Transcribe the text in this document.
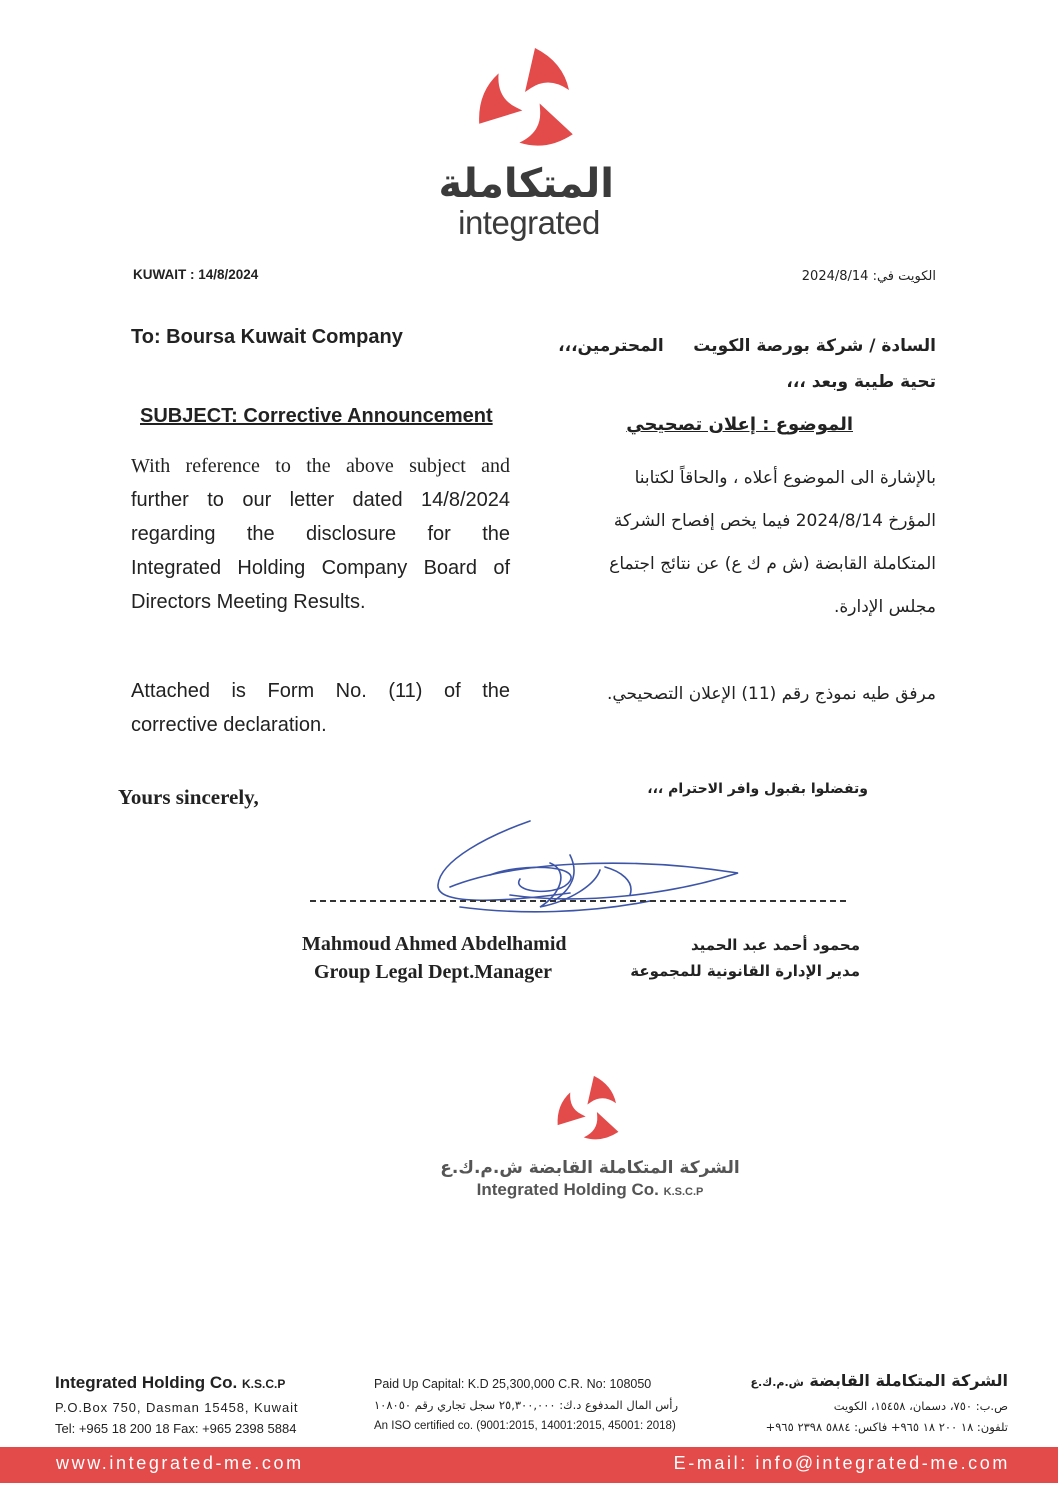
المتكاملة
integrated
KUWAIT : 14/8/2024	الكويت في: 2024/8/14
To: Boursa Kuwait Company	السادة / شركة بورصة الكويت     المحترمين،،،
تحية طيبة وبعد ،،،
SUBJECT: Corrective Announcement	الموضوع : إعلان تصحيحي
With reference to the above subject and
further to our letter dated 14/8/2024
regarding the disclosure for the
Integrated Holding Company Board of
Directors Meeting Results.
بالإشارة الى الموضوع أعلاه ، والحاقاً لكتابنا
المؤرخ 2024/8/14 فيما يخص إفصاح الشركة
المتكاملة القابضة (ش م ك ع) عن نتائج اجتماع
مجلس الإدارة.
Attached is Form No. (11) of the
corrective declaration.
مرفق طيه نموذج رقم (11) الإعلان التصحيحي.
Yours sincerely,	وتفضلوا بقبول وافر الاحترام ،،،
Mahmoud Ahmed Abdelhamid
Group Legal Dept.Manager
محمود أحمد عبد الحميد
مدير الإدارة القانونية للمجموعة
الشركة المتكاملة القابضة ش.م.ك.ع
Integrated Holding Co. K.S.C.P
Integrated Holding Co. K.S.C.P
P.O.Box 750, Dasman 15458, Kuwait
Tel: +965 18 200 18 Fax: +965 2398 5884
Paid Up Capital: K.D 25,300,000 C.R. No: 108050
رأس المال المدفوع د.ك: ٢٥,٣٠٠,٠٠٠ سجل تجاري رقم ١٠٨٠٥٠
An ISO certified co. (9001:2015, 14001:2015, 45001: 2018)
الشركة المتكاملة القابضة ش.م.ك.ع
ص.ب: ٧٥٠، دسمان، ١٥٤٥٨، الكويت
تلفون: ١٨ ٢٠٠ ١٨ ٩٦٥+ فاكس: ٥٨٨٤ ٢٣٩٨ ٩٦٥+
www.integrated-me.com	E-mail: info@integrated-me.com
